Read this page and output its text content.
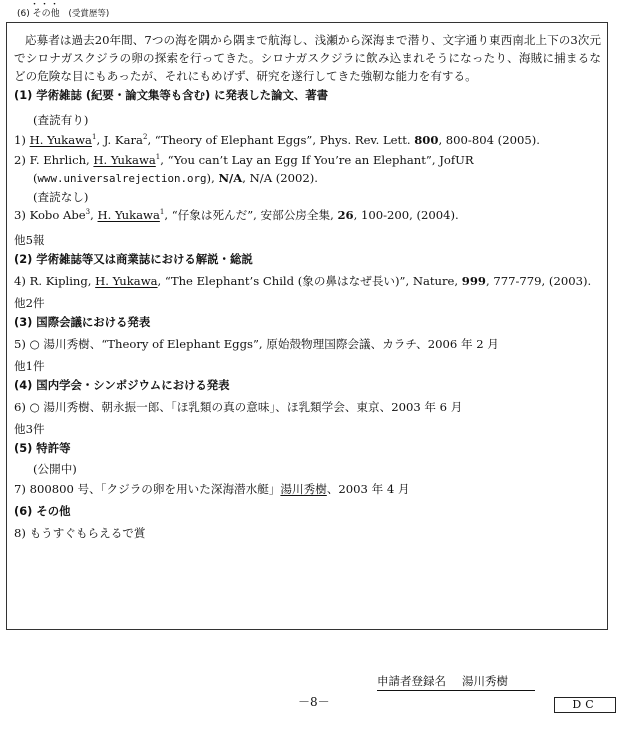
・・・
(6) その他 (受賞歴等)
応募者は過去20年間、7つの海を隅から隅まで航海し、浅瀬から深海まで潜り、文字通り東西南北上下の3次元でシロナガスクジラの卵の探索を行ってきた。シロナガスクジラに飲み込まれそうになったり、海賊に捕まるなどの危険な目にもあったが、それにもめげず、研究を遂行してきた強靭な能力を有する。
(1) 学術雑誌 (紀要・論文集等も含む) に発表した論文、著書
(査読有り)
1) H. Yukawa$^1$, J. Kara$^2$, “Theory of Elephant Eggs”, Phys. Rev. Lett. 800, 800-804 (2005).
2) F. Ehrlich, H. Yukawa$^1$, “You can’t Lay an Egg If You’re an Elephant”, JofUR
(www.universalrejection.org), N/A, N/A (2002).
(査読なし)
3) Kobo Abe$^3$, H. Yukawa$^1$, “仔象は死んだ”, 安部公房全集, 26, 100-200, (2004).
他5報
(2) 学術雑誌等又は商業誌における解説・総説
4) R. Kipling, H. Yukawa, “The Elephant’s Child (象の鼻はなぜ長い)”, Nature, 999, 777-779, (2003).
他2件
(3) 国際会議における発表
5) ○ 湯川秀樹、“Theory of Elephant Eggs”, 原始殻物理国際会議、カラチ、2006 年 2 月
他1件
(4) 国内学会・シンポジウムにおける発表
6) ○ 湯川秀樹、朝永振一郎、「ほ乳類の真の意味」、ほ乳類学会、東京、2003 年 6 月
他3件
(5) 特許等
(公開中)
7) 800800 号、「クジラの卵を用いた深海潜水艇」湯川秀樹、2003 年 4 月
(6) その他
8) もうすぐもらえるで賞
申請者登録名 湯川秀樹
－8－	DC
